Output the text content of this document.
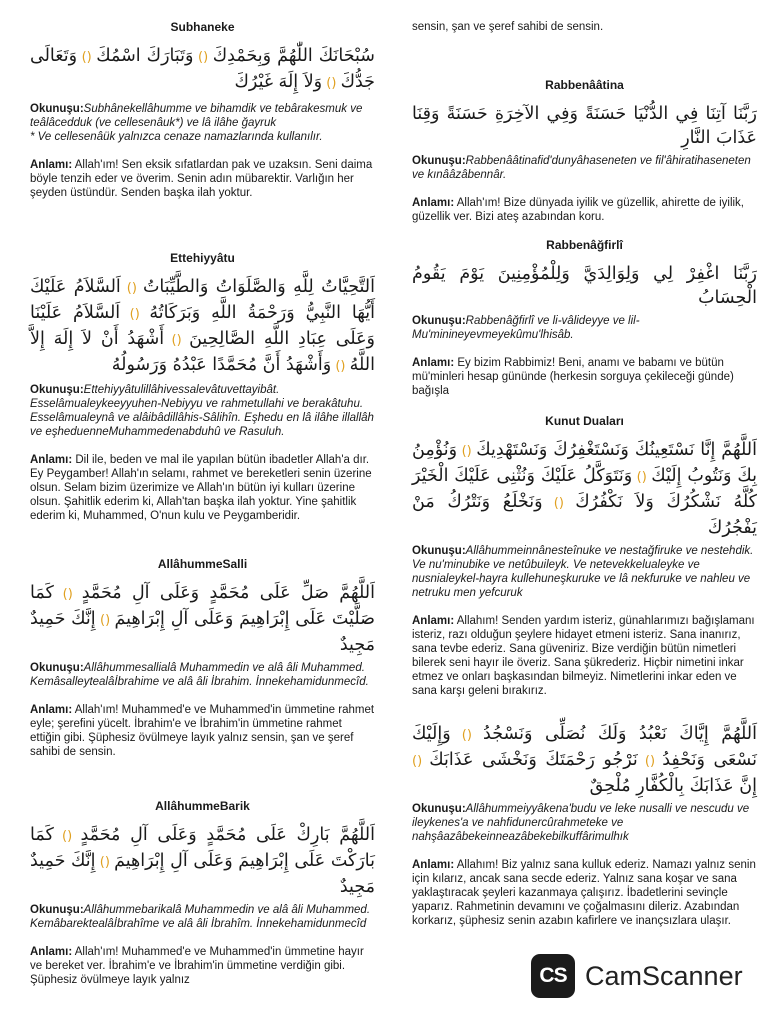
Subhaneke

سُبْحَانَكَ اللّٰهُمَّ وَبِحَمْدِكَ () وَتَبَارَكَ اسْمُكَ () وَتَعَالَى جَدُّكَ () وَلاَ إِلَهَ غَيْرُكَ

Okunuşu:Subhânekellâhumme ve bihamdik ve tebârakesmuk ve teâlâcedduk (ve cellesenâuk*) ve lâ ilâhe ğayruk

* Ve cellesenâük yalnızca cenaze namazlarında kullanılır.

Anlamı: Allah'ım! Sen eksik sıfatlardan pak ve uzaksın. Seni daima böyle tenzih eder ve överim. Senin adın mübarektir. Varlığın her şeyden üstündür. Senden başka ilah yoktur.

Ettehiyyâtu

اَلتَّحِيَّاتُ لِلَّهِ وَالصَّلَوَاتُ وَالطَّيِّبَاتُ () اَلسَّلاَمُ عَلَيْكَ أَيُّهَا النَّبِيُّ وَرَحْمَةُ اللَّهِ وَبَرَكَاتُهُ () اَلسَّلاَمُ عَلَيْنَا وَعَلَى عِبَادِ اللَّهِ الصَّالِحِينَ () أَشْهَدُ أَنْ لاَ إِلَهَ إِلاَّ اللَّهُ () وَأَشْهَدُ أَنَّ مُحَمَّدًا عَبْدُهُ وَرَسُولُهُ

Okunuşu:Ettehiyyâtulillâhivessalevâtuvettayibât. Esselâmualeykeeyyuhen-Nebiyyu ve rahmetullahi ve berakâtuhu. Esselâmualeynâ ve alâibâdillâhis-Sâlihîn. Eşhedu en lâ ilâhe illallâh ve eşheduenneMuhammedenabduhû ve Rasuluh.

Anlamı: Dil ile, beden ve mal ile yapılan bütün ibadetler Allah'a dır. Ey Peygamber! Allah'ın selamı, rahmet ve bereketleri senin üzerine olsun. Selam bizim üzerimize ve Allah'ın bütün iyi kulları üzerine olsun. Şahitlik ederim ki, Allah'tan başka ilah yoktur. Yine şahitlik ederim ki, Muhammed, O'nun kulu ve Peygamberidir.

AllâhummeSalli

اَللَّهُمَّ صَلِّ عَلَى مُحَمَّدٍ وَعَلَى آلِ مُحَمَّدٍ () كَمَا صَلَّيْتَ عَلَى إِبْرَاهِيمَ وَعَلَى آلِ إِبْرَاهِيمَ () إِنَّكَ حَمِيدٌ مَجِيدٌ

Okunuşu:Allâhummesallialâ Muhammedin ve alâ âli Muhammed. Kemâsalleytealâİbrahime ve alâ âli İbrahim. İnnekehamidunmecîd.

Anlamı: Allah'ım! Muhammed'e ve Muhammed'in ümmetine rahmet eyle; şerefini yücelt. İbrahim'e ve İbrahim'in ümmetine rahmet ettiğin gibi. Şüphesiz övülmeye layık yalnız sensin, şan ve şeref sahibi de sensin.

AllâhummeBarik

اَللَّهُمَّ بَارِكْ عَلَى مُحَمَّدٍ وَعَلَى آلِ مُحَمَّدٍ () كَمَا بَارَكْتَ عَلَى إِبْرَاهِيمَ وَعَلَى آلِ إِبْرَاهِيمَ () إِنَّكَ حَمِيدٌ مَجِيدٌ

Okunuşu:Allâhummebarikalâ Muhammedin ve alâ âli Muhammed. Kemâbarektealâİbrahîme ve alâ âli İbrahîm. İnnekehamidunmecîd

Anlamı: Allah'ım! Muhammed'e ve Muhammed'in ümmetine hayır ve bereket ver. İbrahim'e ve İbrahim'in ümmetine verdiğin gibi. Şüphesiz övülmeye layık yalnız

sensin, şan ve şeref sahibi de sensin.

Rabbenââtina

رَبَّنَا آتِنَا فِي الدُّنْيَا حَسَنَةً وَفِي الآخِرَةِ حَسَنَةً وَقِنَا عَذَابَ النَّارِ

Okunuşu:Rabbenââtinafid'dunyâhaseneten ve fil'âhiratihaseneten ve kınââzâbennâr.

Anlamı: Allah'ım! Bize dünyada iyilik ve güzellik, ahirette de iyilik, güzellik ver. Bizi ateş azabından koru.

Rabbenâğfirlî

رَبَّنَا اغْفِرْ لِي وَلِوَالِدَيَّ وَلِلْمُؤْمِنِينَ يَوْمَ يَقُومُ الْحِسَابُ

Okunuşu:Rabbenâğfirlî ve li-vâlideyye ve lil-Mu'minineyevmeyekûmu'lhisâb.

Anlamı: Ey bizim Rabbimiz! Beni, anamı ve babamı ve bütün mü'minleri hesap gününde (herkesin sorguya çekileceği günde) bağışla

Kunut Duaları

اَللَّهُمَّ إِنَّا نَسْتَعِينُكَ وَنَسْتَغْفِرُكَ وَنَسْتَهْدِيكَ () وَنُؤْمِنُ بِكَ وَنَتُوبُ إِلَيْكَ () وَنَتَوَكَّلُ عَلَيْكَ وَنُثْنِى عَلَيْكَ الْخَيْرَ كُلَّهُ نَشْكُرُكَ وَلاَ نَكْفُرُكَ () وَنَخْلَعُ وَنَتْرُكُ مَنْ يَفْجُرُكَ

Okunuşu:Allâhummeinnânesteînuke ve nestağfiruke ve nestehdik. Ve nu'minubike ve netûbuileyk. Ve netevekkelualeyke ve nusnialeykel-hayra kullehuneşkuruke ve lâ nekfuruke ve nahleu ve netruku men yefcuruk

Anlamı: Allahım! Senden yardım isteriz, günahlarımızı bağışlamanı isteriz, razı olduğun şeylere hidayet etmeni isteriz. Sana inanırız, sana tevbe ederiz. Sana güveniriz. Bize verdiğin bütün nimetleri bilerek seni hayır ile överiz. Sana şükrederiz. Hiçbir nimetini inkar etmez ve onları başkasından bilmeyiz. Nimetlerini inkar eden ve sana karşı geleni bırakırız.

اَللَّهُمَّ إِيَّاكَ نَعْبُدُ وَلَكَ نُصَلِّى وَنَسْجُدُ () وَإِلَيْكَ نَسْعَى وَنَحْفِدُ () نَرْجُو رَحْمَتَكَ وَنَخْشَى عَذَابَكَ () إِنَّ عَذَابَكَ بِالْكُفَّارِ مُلْحِقٌ

Okunuşu:Allâhummeiyyâkena'budu ve leke nusalli ve nescudu ve ileykenes'a ve nahfidunercûrahmeteke ve nahşâazâbekeinneazâbekebilkuffârimulhık

Anlamı: Allahım! Biz yalnız sana kulluk ederiz. Namazı yalnız senin için kılarız, ancak sana secde ederiz. Yalnız sana koşar ve sana yaklaştıracak şeyleri kazanmaya çalışırız. İbadetlerini sevinçle yaparız. Rahmetinin devamını ve çoğalmasını dileriz. Azabından korkarız, şüphesiz senin azabın kafirlere ve inançsızlara ulaşır.

CS CamScanner
